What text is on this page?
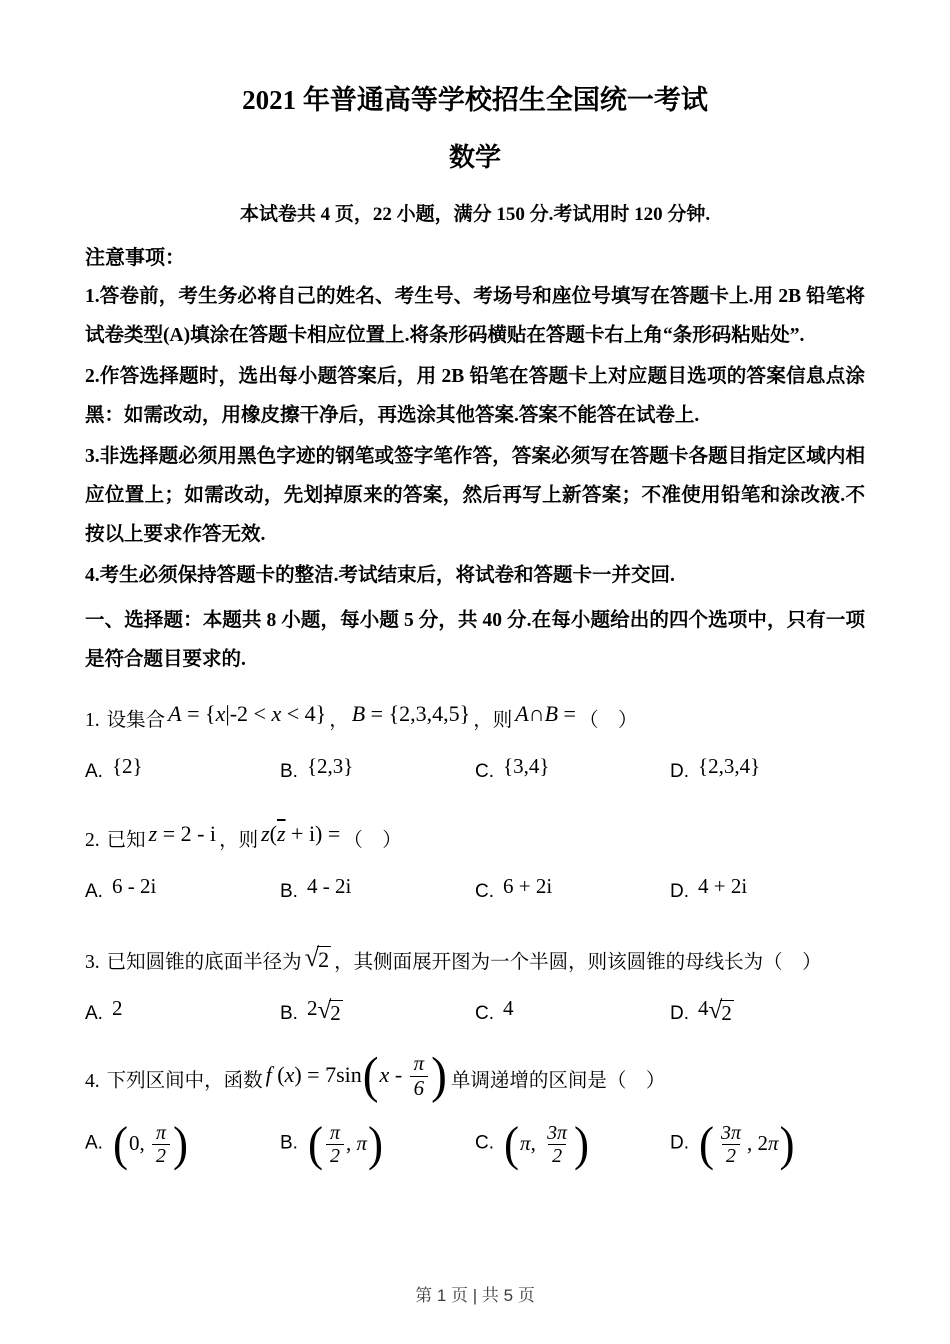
2021 年普通高等学校招生全国统一考试
数学

本试卷共 4 页，22 小题，满分 150 分.考试用时 120 分钟.

注意事项：

1.答卷前，考生务必将自己的姓名、考生号、考场号和座位号填写在答题卡上.用 2B 铅笔将试卷类型(A)填涂在答题卡相应位置上.将条形码横贴在答题卡右上角“条形码粘贴处”.

2.作答选择题时，选出每小题答案后，用 2B 铅笔在答题卡上对应题目选项的答案信息点涂黑：如需改动，用橡皮擦干净后，再选涂其他答案.答案不能答在试卷上.

3.非选择题必须用黑色字迹的钢笔或签字笔作答，答案必须写在答题卡各题目指定区域内相应位置上；如需改动，先划掉原来的答案，然后再写上新答案；不准使用铅笔和涂改液.不按以上要求作答无效.

4.考生必须保持答题卡的整洁.考试结束后，将试卷和答题卡一并交回.

一、选择题：本题共 8 小题，每小题 5 分，共 40 分.在每小题给出的四个选项中，只有一项是符合题目要求的.

1. 设集合 A = {x|-2 < x < 4} ， B = {2,3,4,5} ，则 A∩B = （　）

A. {2}	B. {2,3}	C. {3,4}	D. {2,3,4}

2. 已知 z = 2 - i ，则 $z(\overline{z} + i)$ = （　）

A. 6 - 2i	B. 4 - 2i	C. 6 + 2i	D. 4 + 2i

3. 已知圆锥的底面半径为 √ 2 ，其侧面展开图为一个半圆，则该圆锥的母线长为（　）

A. 2	B. 2 √ 2	C. 4	D. 4 √ 2

4. 下列区间中，函数 f $(x) = 7\sin(x - \frac{\pi}{6}$ ) 单调递增的区间是（　）

A. (0, $\frac{\pi}{2}$ )	B. ( $\frac{\pi}{2}$ , π)	C. (π, $\frac{3\pi}{2}$ )	D. ( $\frac{3\pi}{2}$ , 2π)
第 1 页 | 共 5 页
